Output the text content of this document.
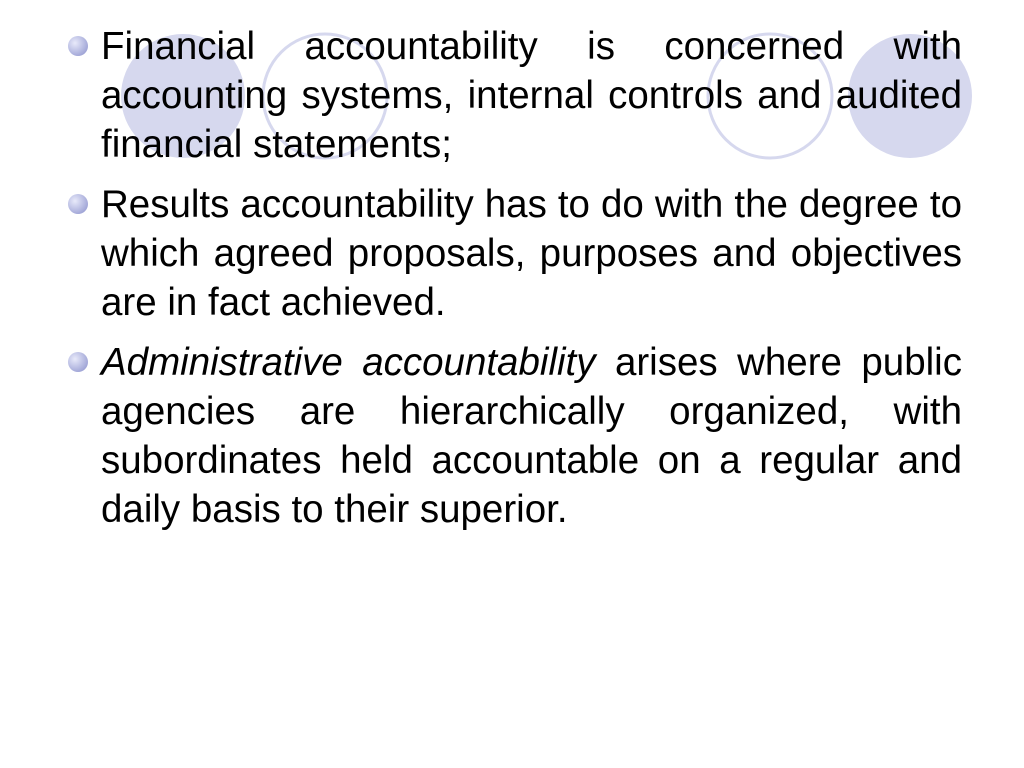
Financial accountability is concerned with accounting systems, internal controls and audited financial statements;
Results accountability has to do with the degree to which agreed proposals, purposes and objectives are in fact achieved.
Administrative accountability arises where public agencies are hierarchically organized, with subordinates held accountable on a regular and daily basis to their superior.
